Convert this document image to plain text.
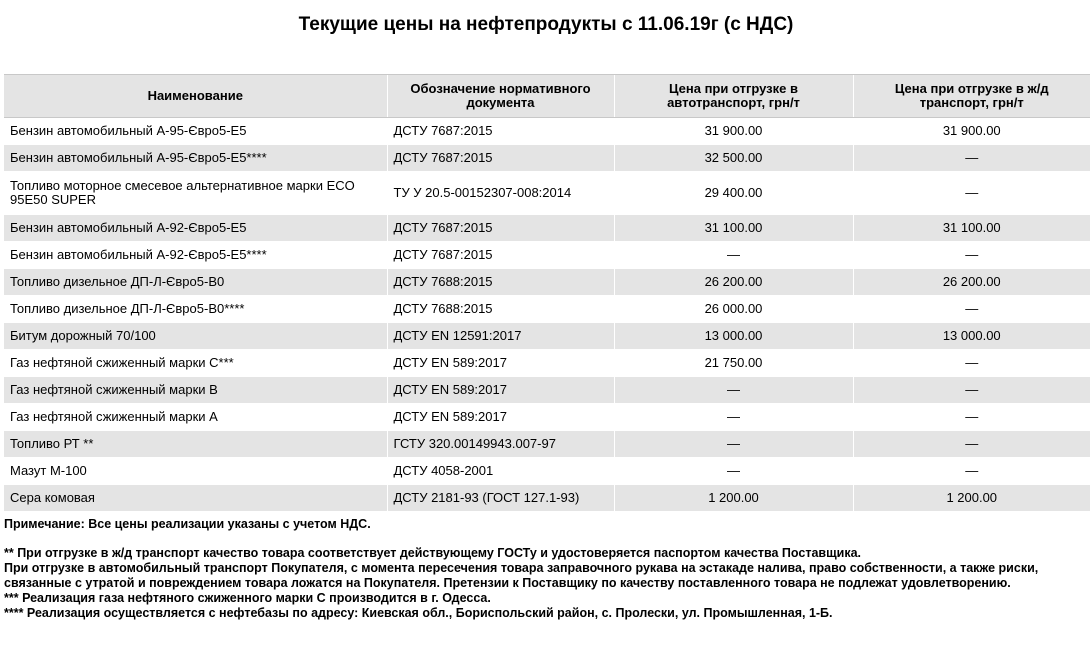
Текущие цены на нефтепродукты с 11.06.19г (с НДС)
Наименование	Обозначение нормативного документа	Цена при отгрузке в автотранспорт, грн/т	Цена при отгрузке в ж/д транспорт, грн/т
Бензин автомобильный А-95-Євро5-Е5	ДСТУ 7687:2015	31 900.00	31 900.00
Бензин автомобильный А-95-Євро5-Е5****	ДСТУ 7687:2015	32 500.00	—
Топливо моторное смесевое альтернативное марки ECO 95E50 SUPER	ТУ У 20.5-00152307-008:2014	29 400.00	—
Бензин автомобильный А-92-Євро5-Е5	ДСТУ 7687:2015	31 100.00	31 100.00
Бензин автомобильный А-92-Євро5-Е5****	ДСТУ 7687:2015	—	—
Топливо дизельное ДП-Л-Євро5-В0	ДСТУ 7688:2015	26 200.00	26 200.00
Топливо дизельное ДП-Л-Євро5-В0****	ДСТУ 7688:2015	26 000.00	—
Битум дорожный 70/100	ДСТУ EN 12591:2017	13 000.00	13 000.00
Газ нефтяной сжиженный марки С***	ДСТУ EN 589:2017	21 750.00	—
Газ нефтяной сжиженный марки В	ДСТУ EN 589:2017	—	—
Газ нефтяной сжиженный марки А	ДСТУ EN 589:2017	—	—
Топливо РТ **	ГСТУ 320.00149943.007-97	—	—
Мазут М-100	ДСТУ 4058-2001	—	—
Сера комовая	ДСТУ 2181-93 (ГОСТ 127.1-93)	1 200.00	1 200.00

Примечание: Все цены реализации указаны с учетом НДС.

** При отгрузке в ж/д транспорт качество товара соответствует действующему ГОСТу и удостоверяется паспортом качества Поставщика.

При отгрузке в автомобильный транспорт Покупателя, с момента пересечения товара заправочного рукава на эстакаде налива, право собственности, а также риски, связанные с утратой и повреждением товара ложатся на Покупателя. Претензии к Поставщику по качеству поставленного товара не подлежат удовлетворению.

*** Реализация газа нефтяного сжиженного марки С производится в г. Одесса.

**** Реализация осуществляется с нефтебазы по адресу: Киевская обл., Бориспольский район, с. Пролески, ул. Промышленная, 1-Б.
